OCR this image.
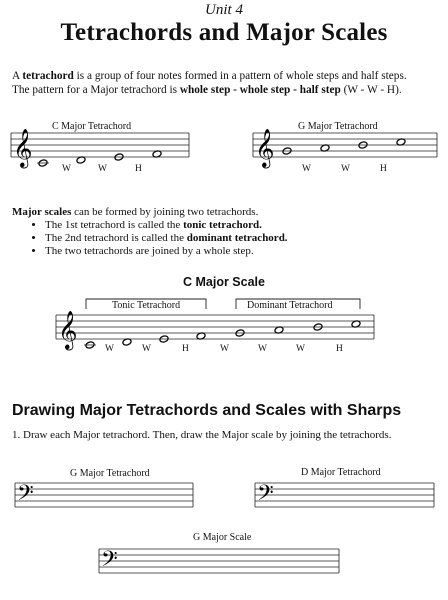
Unit 4
Tetrachords and Major Scales
A tetrachord is a group of four notes formed in a pattern of whole steps and half steps.
The pattern for a Major tetrachord is whole step - whole step - half step (W - W - H).
C Major Tetrachord
𝄞	𝄞
𝄞
𝄢	𝄢
𝄢
W	W	H
G Major Tetrachord
W	W	H
Major scales can be formed by joining two tetrachords.
• The 1st tetrachord is called the tonic tetrachord.
• The 2nd tetrachord is called the dominant tetrachord.
• The two tetrachords are joined by a whole step.
C Major Scale
Tonic Tetrachord	Dominant Tetrachord
W	W	H	W	W	W	H
Drawing Major Tetrachords and Scales with Sharps
1. Draw each Major tetrachord. Then, draw the Major scale by joining the tetrachords.
G Major Tetrachord	D Major Tetrachord
G Major Scale
